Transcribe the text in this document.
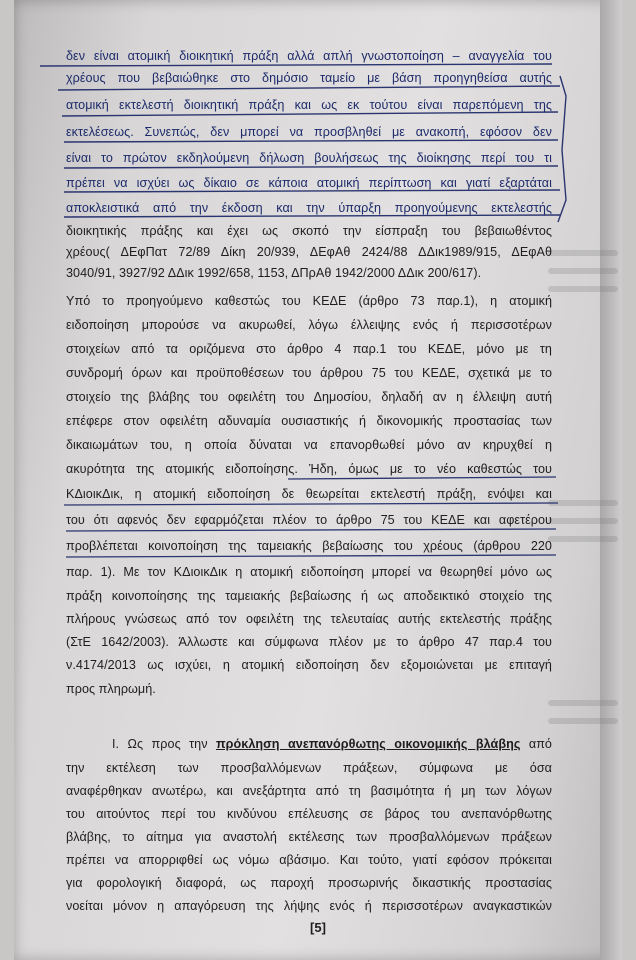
δεν είναι ατομική διοικητική πράξη αλλά απλή γνωστοποίηση – αναγγελία του
χρέους που βεβαιώθηκε στο δημόσιο ταμείο με βάση προηγηθείσα αυτής
ατομική εκτελεστή διοικητική πράξη και ως εκ τούτου είναι παρεπόμενη της
εκτελέσεως. Συνεπώς, δεν μπορεί να προσβληθεί με ανακοπή, εφόσον δεν
είναι το πρώτον εκδηλούμενη δήλωση βουλήσεως της διοίκησης περί του τι
πρέπει να ισχύει ως δίκαιο σε κάποια ατομική περίπτωση και γιατί εξαρτάται
αποκλειστικά από την έκδοση και την ύπαρξη προηγούμενης εκτελεστής
διοικητικής πράξης και έχει ως σκοπό την είσπραξη του βεβαιωθέντος
χρέους( ΔΕφΠατ 72/89 Δίκη 20/939, ΔΕφΑθ 2424/88 ΔΔικ1989/915, ΔΕφΑθ
3040/91, 3927/92 ΔΔικ 1992/658, 1153, ΔΠρΑθ 1942/2000 ΔΔικ 200/617).
Υπό το προηγούμενο καθεστώς του ΚΕΔΕ (άρθρο 73 παρ.1), η ατομική
ειδοποίηση μπορούσε να ακυρωθεί, λόγω έλλειψης ενός ή περισσοτέρων
στοιχείων από τα οριζόμενα στο άρθρο 4 παρ.1 του ΚΕΔΕ, μόνο με τη
συνδρομή όρων και προϋποθέσεων του άρθρου 75 του ΚΕΔΕ, σχετικά με το
στοιχείο της βλάβης του οφειλέτη του Δημοσίου, δηλαδή αν η έλλειψη αυτή
επέφερε στον οφειλέτη αδυναμία ουσιαστικής ή δικονομικής προστασίας των
δικαιωμάτων του, η οποία δύναται να επανορθωθεί μόνο αν κηρυχθεί η
ακυρότητα της ατομικής ειδοποίησης. Ήδη, όμως με το νέο καθεστώς του
ΚΔιοικΔικ, η ατομική ειδοποίηση δε θεωρείται εκτελεστή πράξη, ενόψει και
του ότι αφενός δεν εφαρμόζεται πλέον το άρθρο 75 του ΚΕΔΕ και αφετέρου
προβλέπεται κοινοποίηση της ταμειακής βεβαίωσης του χρέους (άρθρου 220
παρ. 1). Με τον ΚΔιοικΔικ η ατομική ειδοποίηση μπορεί να θεωρηθεί μόνο ως
πράξη κοινοποίησης της ταμειακής βεβαίωσης ή ως αποδεικτικό στοιχείο της
πλήρους γνώσεως από τον οφειλέτη της τελευταίας αυτής εκτελεστής πράξης
(ΣτΕ 1642/2003). Άλλωστε και σύμφωνα πλέον με το άρθρο 47 παρ.4 του
ν.4174/2013 ως ισχύει, η ατομική ειδοποίηση δεν εξομοιώνεται με επιταγή
προς πληρωμή.
Ι. Ως προς την πρόκληση ανεπανόρθωτης οικονομικής βλάβης από
την εκτέλεση των προσβαλλόμενων πράξεων, σύμφωνα με όσα
αναφέρθηκαν ανωτέρω, και ανεξάρτητα από τη βασιμότητα ή μη των λόγων
του αιτούντος περί του κινδύνου επέλευσης σε βάρος του ανεπανόρθωτης
βλάβης, το αίτημα για αναστολή εκτέλεσης των προσβαλλόμενων πράξεων
πρέπει να απορριφθεί ως νόμω αβάσιμο. Και τούτο, γιατί εφόσον πρόκειται
για φορολογική διαφορά, ως παροχή προσωρινής δικαστικής προστασίας
νοείται μόνον η απαγόρευση της λήψης ενός ή περισσοτέρων αναγκαστικών
[5]
